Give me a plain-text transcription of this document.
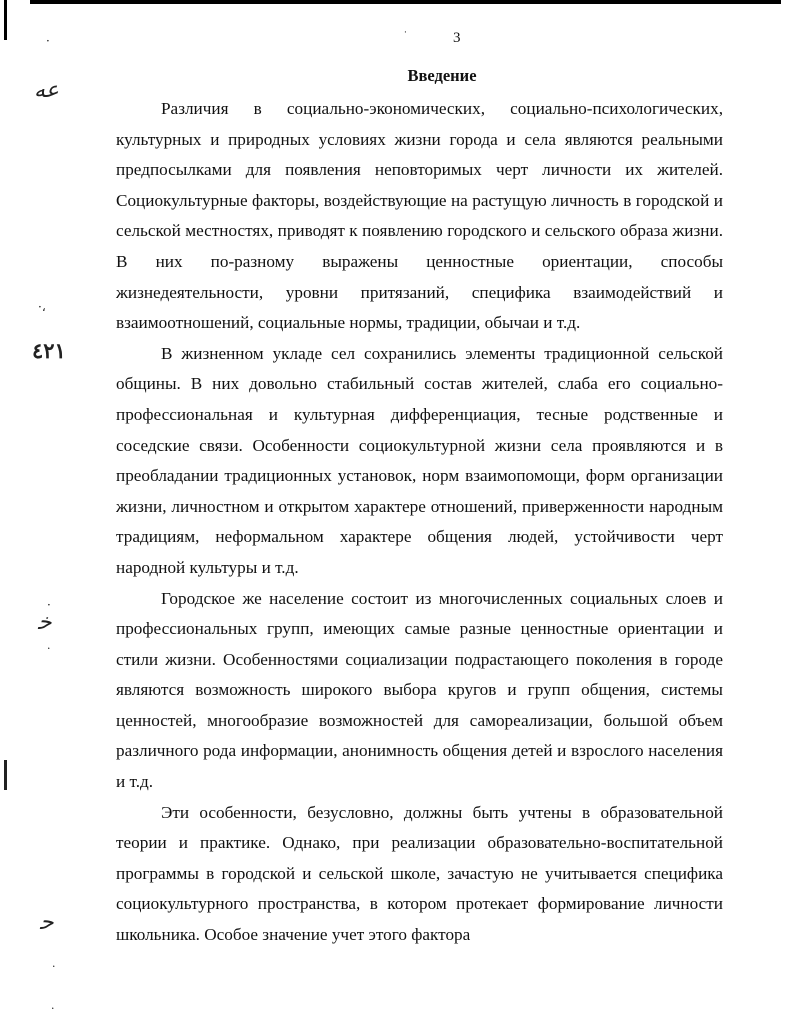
3
Введение

Различия в социально-экономических, социально-психологических, культурных и природных условиях жизни города и села являются реальными предпосылками для появления неповторимых черт личности их жителей. Социокультурные факторы, воздействующие на растущую личность в городской и сельской местностях, приводят к появлению городского и сельского образа жизни. В них по-разному выражены ценностные ориентации, способы жизнедеятельности, уровни притязаний, специфика взаимодействий и взаимоотношений, социальные нормы, традиции, обычаи и т.д.

В жизненном укладе сел сохранились элементы традиционной сельской общины. В них довольно стабильный состав жителей, слаба его социально-профессиональная и культурная дифференциация, тесные родственные и соседские связи. Особенности социокультурной жизни села проявляются и в преобладании традиционных установок, норм взаимопомощи, форм организации жизни, личностном и открытом характере отношений, приверженности народным традициям, неформальном характере общения людей, устойчивости черт народной культуры и т.д.

Городское же население состоит из многочисленных социальных слоев и профессиональных групп, имеющих самые разные ценностные ориентации и стили жизни. Особенностями социализации подрастающего поколения в городе являются возможность широкого выбора кругов и групп общения, системы ценностей, многообразие возможностей для самореализации, большой объем различного рода информации, анонимность общения детей и взрослого населения и т.д.

Эти особенности, безусловно, должны быть учтены в образовательной теории и практике. Однако, при реализации образовательно-воспитательной программы в городской и сельской школе, зачастую не учитывается специфика социокультурного пространства, в котором протекает формирование личности школьника. Особое значение учет этого фактора

·
ﻋﻪ
·،
٤٢١
·
ﺧ
·
ﺣ
·
·
·
